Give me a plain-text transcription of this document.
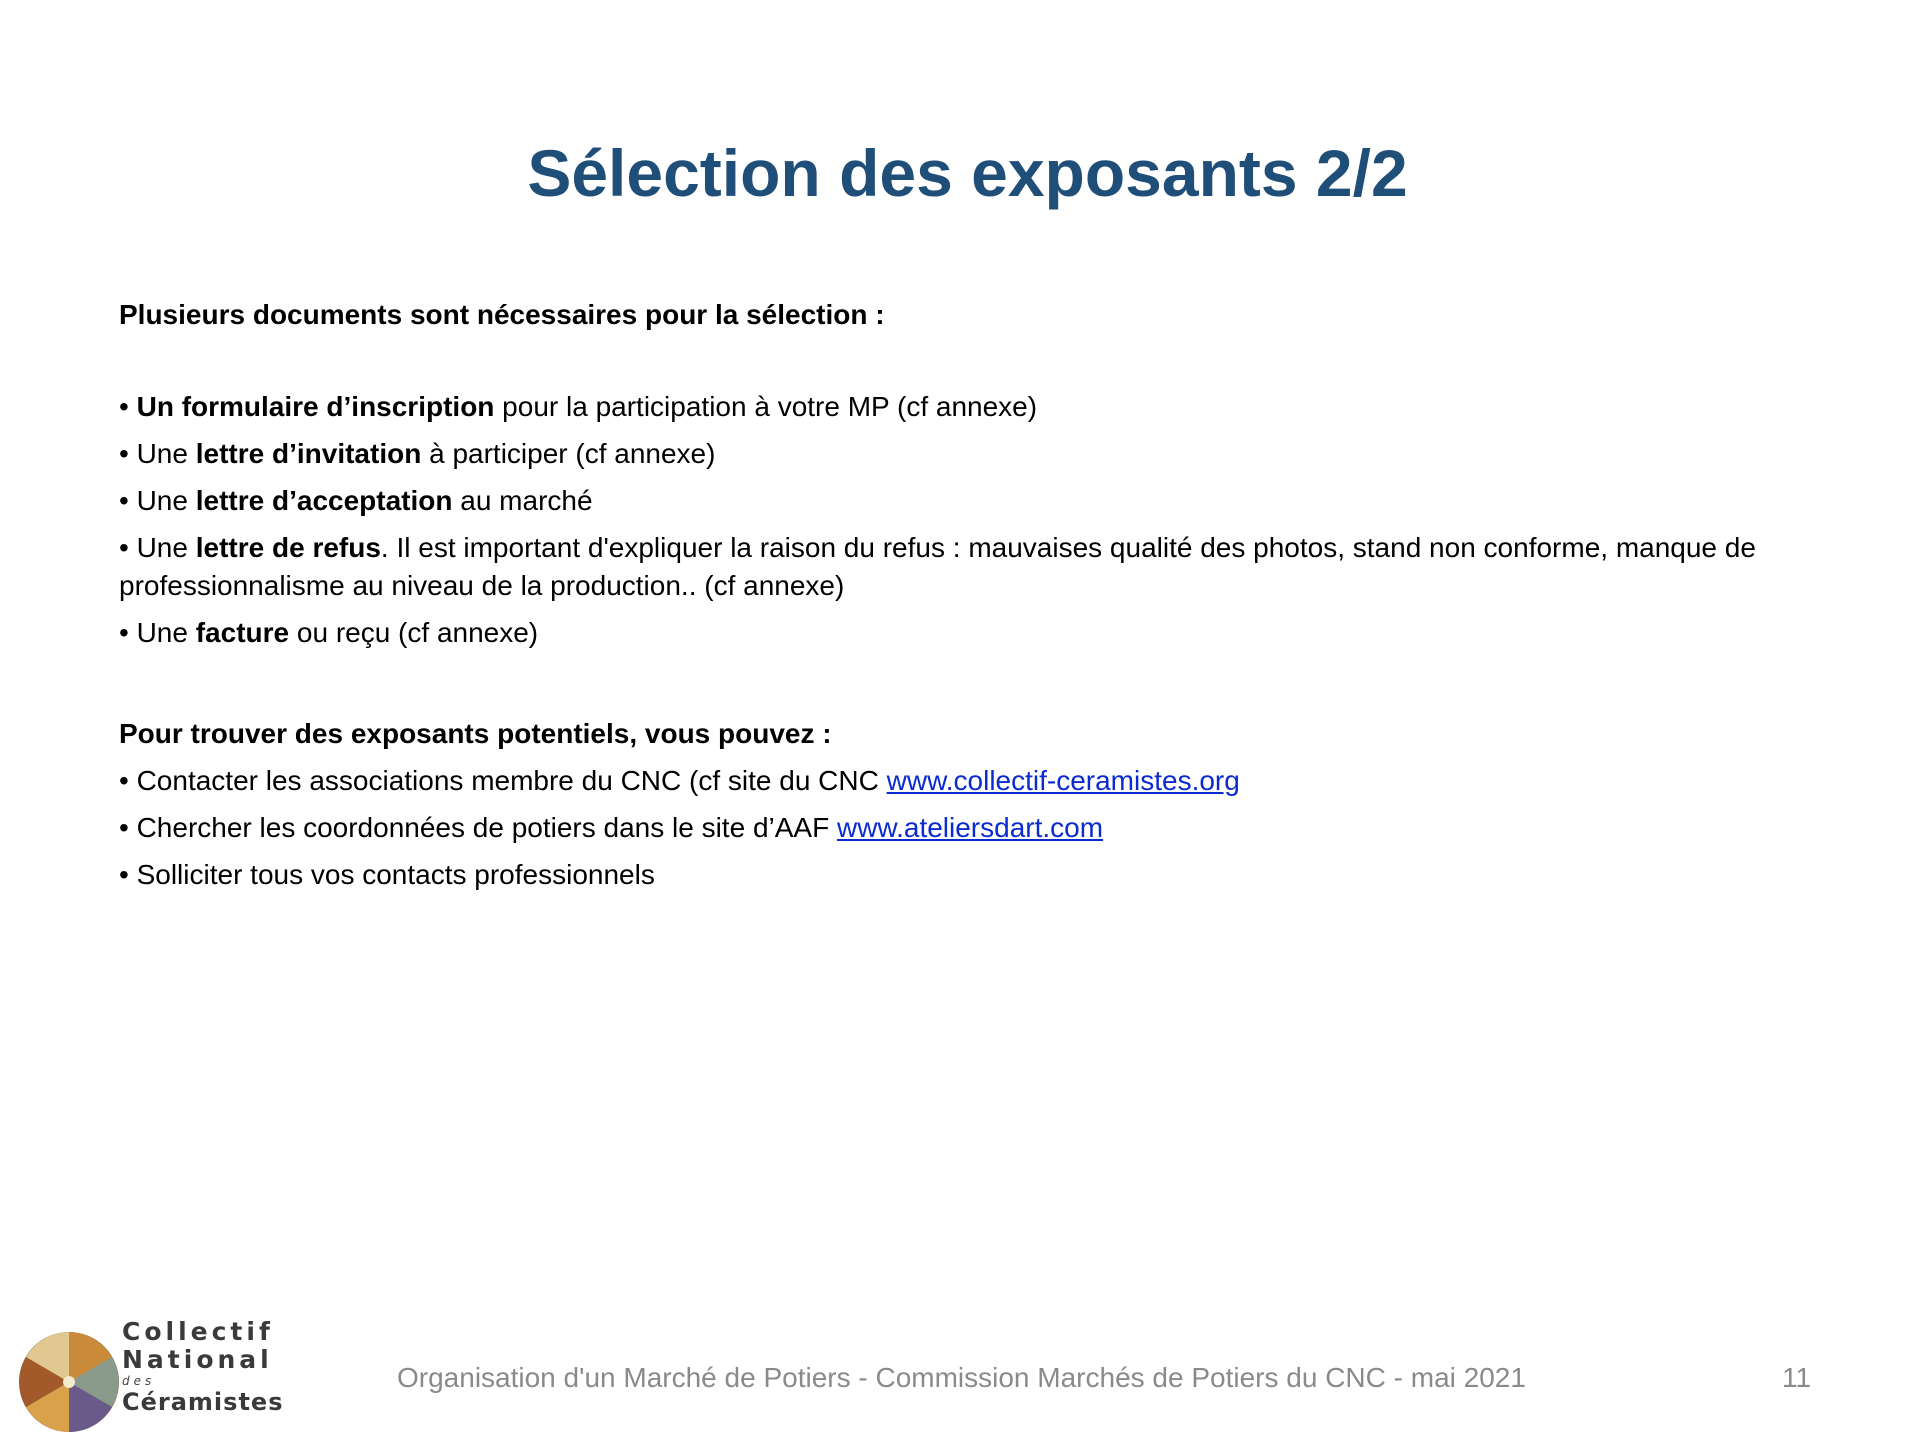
Sélection des exposants 2/2

Plusieurs documents sont nécessaires pour la sélection :

• Un formulaire d’inscription pour la participation à votre MP (cf annexe)

• Une lettre d’invitation à participer (cf annexe)

• Une lettre d’acceptation au marché

• Une lettre de refus. Il est important d'expliquer la raison du refus : mauvaises qualité des photos, stand non conforme, manque de professionnalisme au niveau de la production.. (cf annexe)

• Une facture ou reçu (cf annexe)

Pour trouver des exposants potentiels, vous pouvez :

• Contacter les associations membre du CNC (cf site du CNC www.collectif-ceramistes.org

• Chercher les coordonnées de potiers dans le site d’AAF www.ateliersdart.com

• Solliciter tous vos contacts professionnels

Collectif
National
des
Céramistes
Organisation d'un Marché de Potiers - Commission Marchés de Potiers du CNC - mai 2021	11
